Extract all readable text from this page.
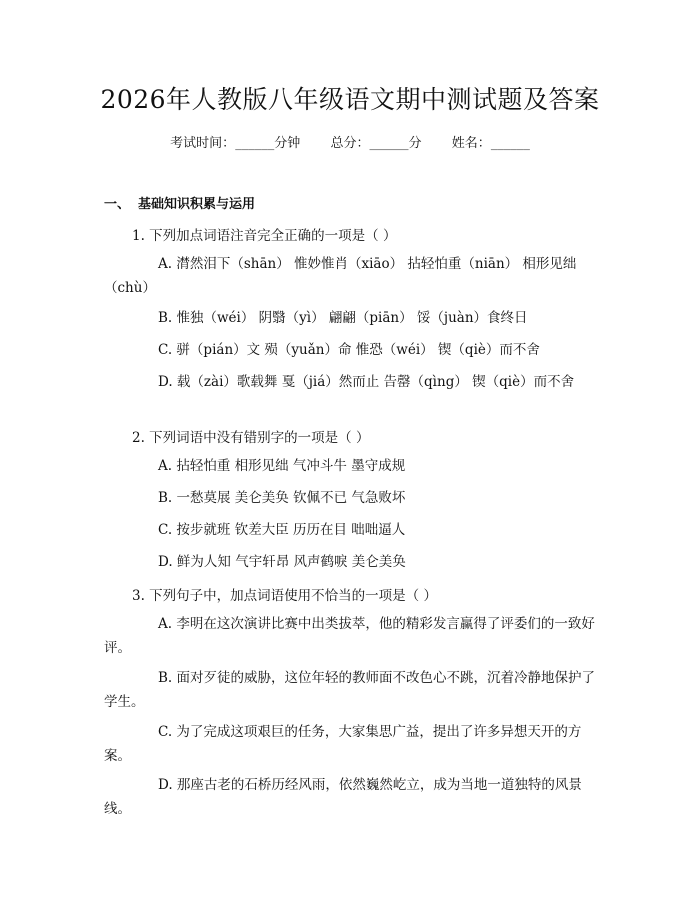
2026年人教版八年级语文期中测试题及答案
考试时间：______分钟 总分：______分 姓名：______
一、 基础知识积累与运用
1. 下列加点词语注音完全正确的一项是（ ）
A. 潸然泪下（shān） 惟妙惟肖（xiāo） 拈轻怕重（niān） 相形见绌（chù）
B. 惟独（wéi） 阴翳（yì） 翩翩（piān） 馁（juàn）食终日
C. 骈（pián）文 殒（yuǎn）命 惟恐（wéi） 锲（qiè）而不舍
D. 载（zài）歌载舞 戛（jiá）然而止 告罄（qìng） 锲（qiè）而不舍
2. 下列词语中没有错别字的一项是（ ）
A. 拈轻怕重 相形见绌 气冲斗牛 墨守成规
B. 一愁莫展 美仑美奂 钦佩不已 气急败坏
C. 按步就班 钦差大臣 历历在目 咄咄逼人
D. 鲜为人知 气宇轩昂 风声鹤唳 美仑美奂
3. 下列句子中，加点词语使用不恰当的一项是（ ）
A. 李明在这次演讲比赛中出类拔萃，他的精彩发言赢得了评委们的一致好评。
B. 面对歹徒的威胁，这位年轻的教师面不改色心不跳，沉着冷静地保护了学生。
C. 为了完成这项艰巨的任务，大家集思广益，提出了许多异想天开的方案。
D. 那座古老的石桥历经风雨，依然巍然屹立，成为当地一道独特的风景线。
